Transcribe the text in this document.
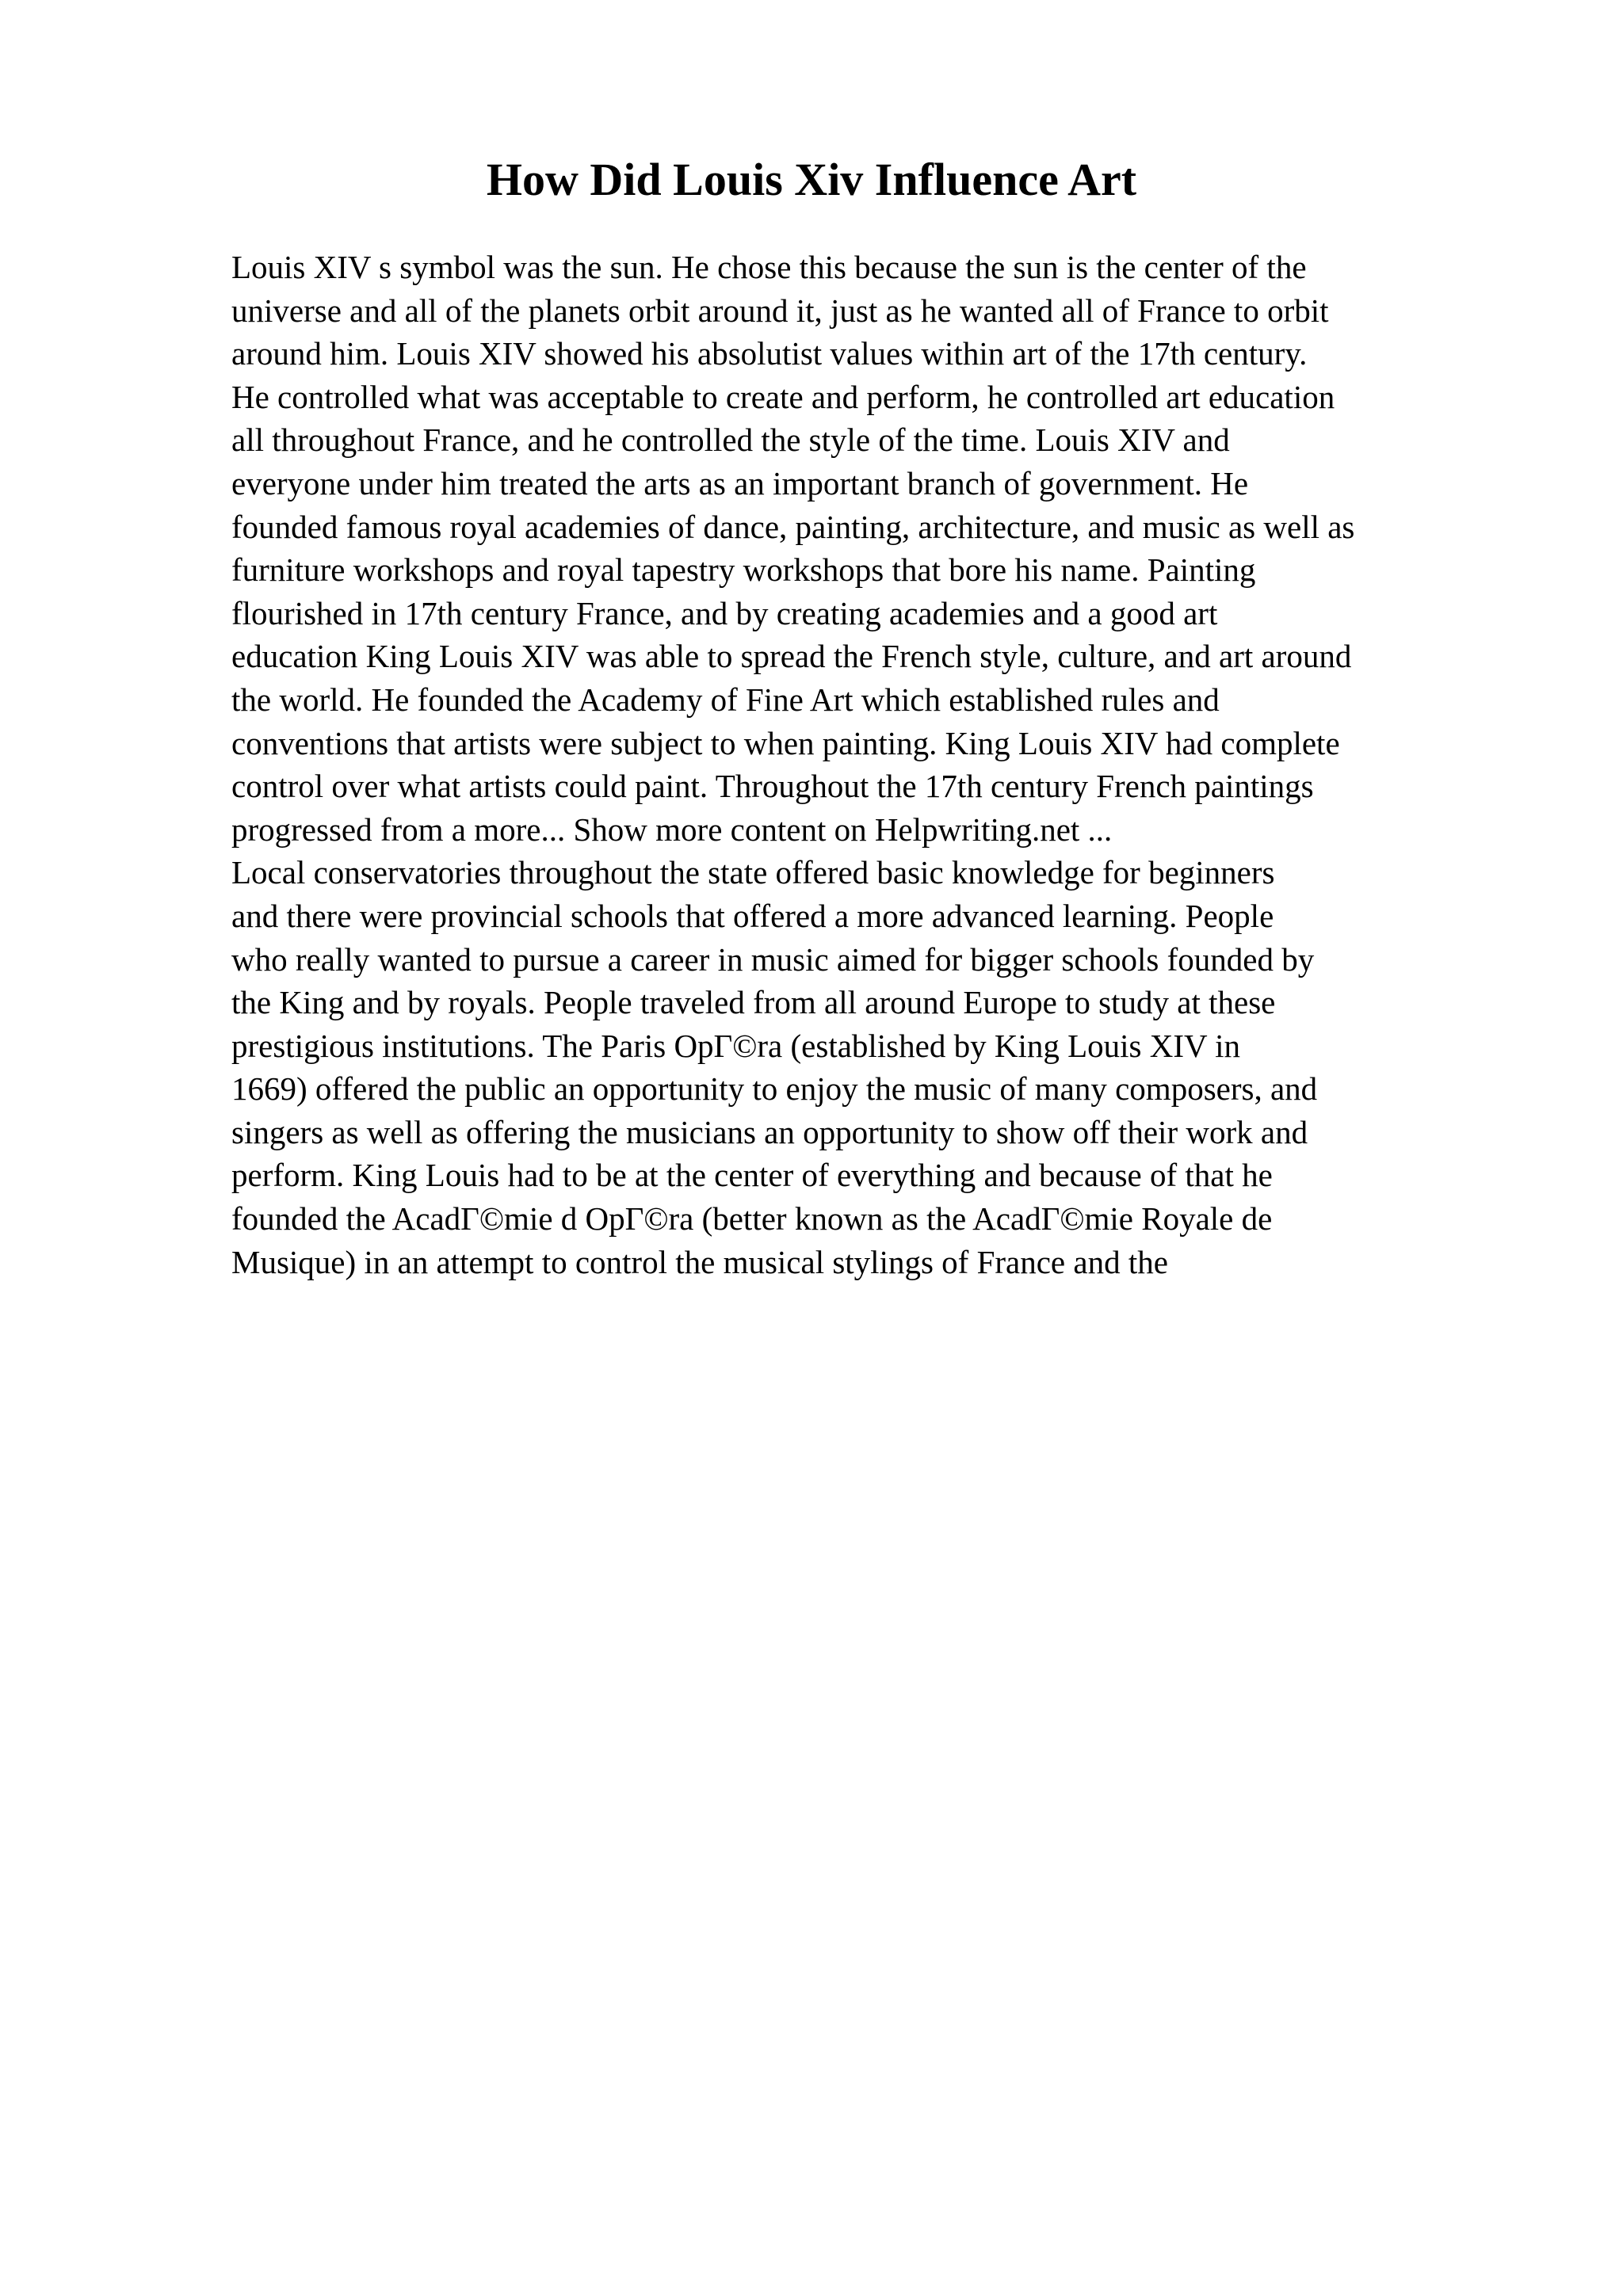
How Did Louis Xiv Influence Art
Louis XIV s symbol was the sun. He chose this because the sun is the center of the
universe and all of the planets orbit around it, just as he wanted all of France to orbit
around him. Louis XIV showed his absolutist values within art of the 17th century.
He controlled what was acceptable to create and perform, he controlled art education
all throughout France, and he controlled the style of the time. Louis XIV and
everyone under him treated the arts as an important branch of government. He
founded famous royal academies of dance, painting, architecture, and music as well as
furniture workshops and royal tapestry workshops that bore his name. Painting
flourished in 17th century France, and by creating academies and a good art
education King Louis XIV was able to spread the French style, culture, and art around
the world. He founded the Academy of Fine Art which established rules and
conventions that artists were subject to when painting. King Louis XIV had complete
control over what artists could paint. Throughout the 17th century French paintings
progressed from a more... Show more content on Helpwriting.net ...
Local conservatories throughout the state offered basic knowledge for beginners
and there were provincial schools that offered a more advanced learning. People
who really wanted to pursue a career in music aimed for bigger schools founded by
the King and by royals. People traveled from all around Europe to study at these
prestigious institutions. The Paris OpΓ©ra (established by King Louis XIV in
1669) offered the public an opportunity to enjoy the music of many composers, and
singers as well as offering the musicians an opportunity to show off their work and
perform. King Louis had to be at the center of everything and because of that he
founded the AcadΓ©mie d OpΓ©ra (better known as the AcadΓ©mie Royale de
Musique) in an attempt to control the musical stylings of France and the
